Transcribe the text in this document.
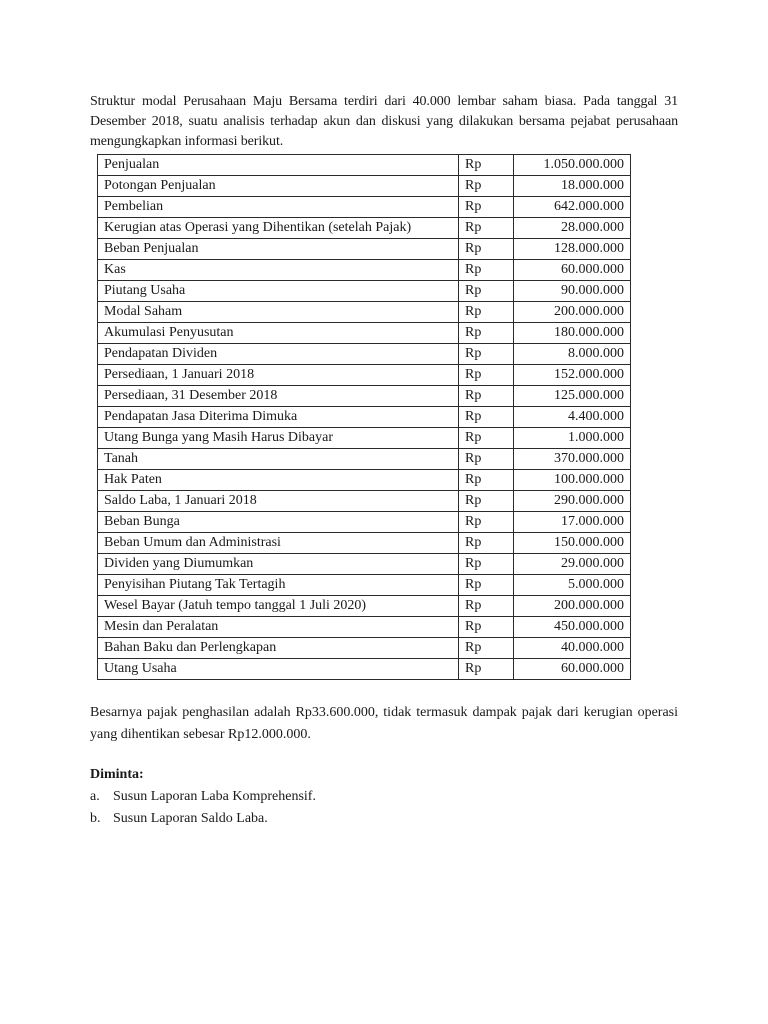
Struktur modal Perusahaan Maju Bersama terdiri dari 40.000 lembar saham biasa. Pada tanggal 31 Desember 2018, suatu analisis terhadap akun dan diskusi yang dilakukan bersama pejabat perusahaan mengungkapkan informasi berikut.

Penjualan	Rp	1.050.000.000
Potongan Penjualan	Rp	18.000.000
Pembelian	Rp	642.000.000
Kerugian atas Operasi yang Dihentikan (setelah Pajak)	Rp	28.000.000
Beban Penjualan	Rp	128.000.000
Kas	Rp	60.000.000
Piutang Usaha	Rp	90.000.000
Modal Saham	Rp	200.000.000
Akumulasi Penyusutan	Rp	180.000.000
Pendapatan Dividen	Rp	8.000.000
Persediaan, 1 Januari 2018	Rp	152.000.000
Persediaan, 31 Desember 2018	Rp	125.000.000
Pendapatan Jasa Diterima Dimuka	Rp	4.400.000
Utang Bunga yang Masih Harus Dibayar	Rp	1.000.000
Tanah	Rp	370.000.000
Hak Paten	Rp	100.000.000
Saldo Laba, 1 Januari 2018	Rp	290.000.000
Beban Bunga	Rp	17.000.000
Beban Umum dan Administrasi	Rp	150.000.000
Dividen yang Diumumkan	Rp	29.000.000
Penyisihan Piutang Tak Tertagih	Rp	5.000.000
Wesel Bayar (Jatuh tempo tanggal 1 Juli 2020)	Rp	200.000.000
Mesin dan Peralatan	Rp	450.000.000
Bahan Baku dan Perlengkapan	Rp	40.000.000
Utang Usaha	Rp	60.000.000

Besarnya pajak penghasilan adalah Rp33.600.000, tidak termasuk dampak pajak dari kerugian operasi yang dihentikan sebesar Rp12.000.000.

Diminta:
a. Susun Laporan Laba Komprehensif.
b. Susun Laporan Saldo Laba.
